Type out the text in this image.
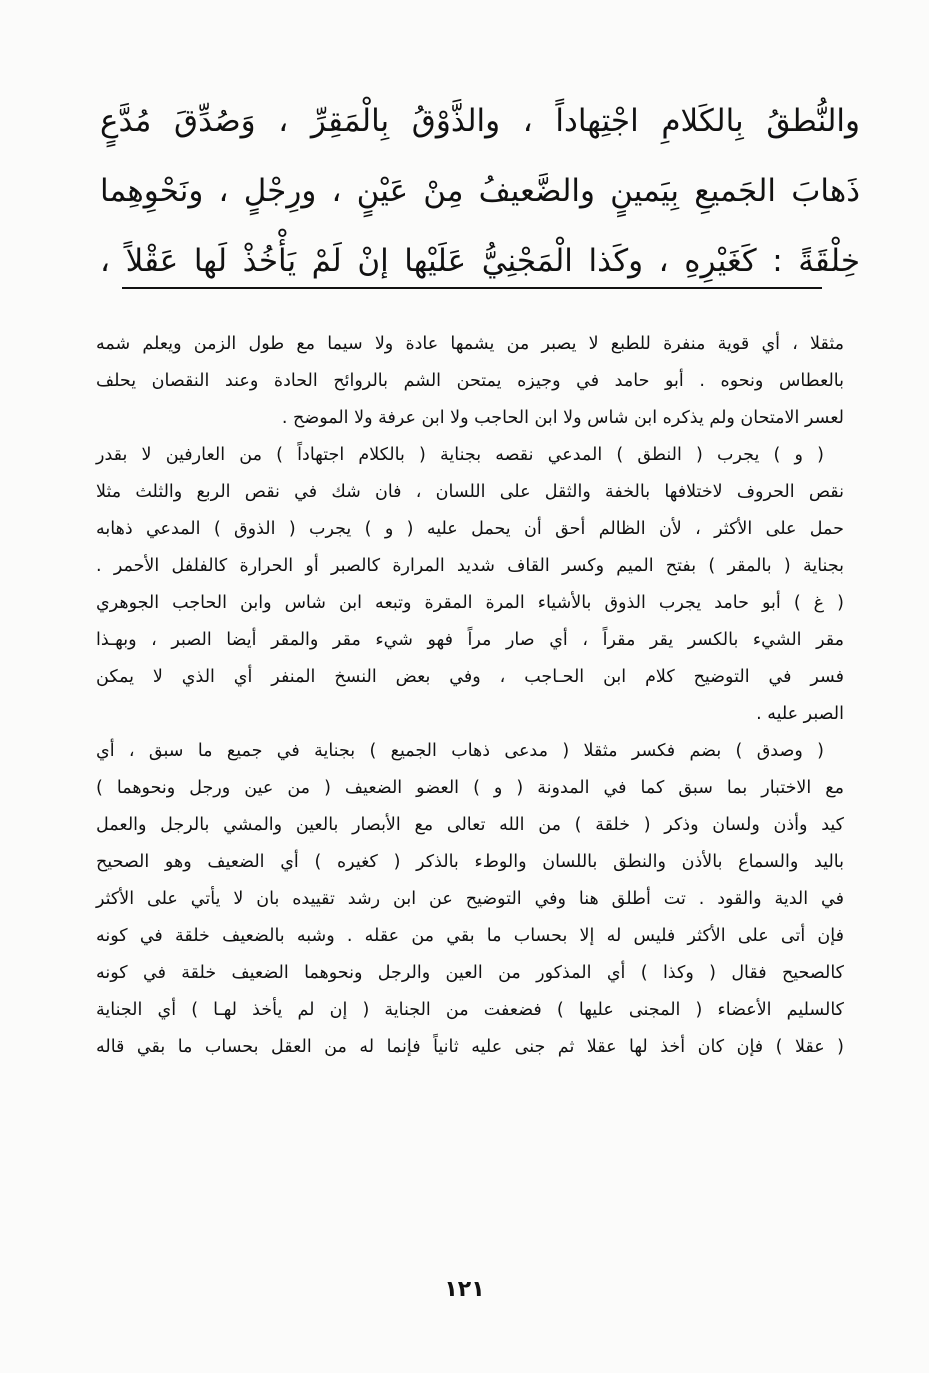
والنُّطقُ بِالكَلامِ اجْتِهاداً ، والذَّوْقُ بِالْمَقِرِّ ، وَصُدِّقَ مُدَّعٍ
ذَهابَ الجَميعِ بِيَمينٍ والضَّعيفُ مِنْ عَيْنٍ ، ورِجْلٍ ، ونَحْوِهِما
خِلْقَةً : كَغَيْرِهِ ، وكَذا الْمَجْنِيُّ عَلَيْها إنْ لَمْ يَأْخُذْ لَها عَقْلاً ،
مثقلا ، أي قوية منفرة للطبع لا يصبر من يشمها عادة ولا سيما مع طول الزمن ويعلم شمه
بالعطاس ونحوه . أبو حامد في وجيزه يمتحن الشم بالروائح الحادة وعند النقصان يحلف
لعسر الامتحان ولم يذكره ابن شاس ولا ابن الحاجب ولا ابن عرفة ولا الموضح .
( و ) يجرب ( النطق ) المدعي نقصه بجناية ( بالكلام اجتهاداً ) من العارفين لا بقدر
نقص الحروف لاختلافها بالخفة والثقل على اللسان ، فان شك في نقص الربع والثلث مثلا
حمل على الأكثر ، لأن الظالم أحق أن يحمل عليه ( و ) يجرب ( الذوق ) المدعي ذهابه
بجناية ( بالمقر ) بفتح الميم وكسر القاف شديد المرارة كالصبر أو الحرارة كالفلفل الأحمر .
( غ ) أبو حامد يجرب الذوق بالأشياء المرة المقرة وتبعه ابن شاس وابن الحاجب الجوهري
مقر الشيء بالكسر يقر مقراً ، أي صار مراً فهو شيء مقر والمقر أيضا الصبر ، وبهـذا
فسر في التوضيح كلام ابن الحـاجب ، وفي بعض النسخ المنفر أي الذي لا يمكن
الصبر عليه .
( وصدق ) بضم فكسر مثقلا ( مدعى ذهاب الجميع ) بجناية في جميع ما سبق ، أي
مع الاختبار بما سبق كما في المدونة ( و ) العضو الضعيف ( من عين ورجل ونحوهما )
كيد وأذن ولسان وذكر ( خلقة ) من الله تعالى مع الأبصار بالعين والمشي بالرجل والعمل
باليد والسماع بالأذن والنطق باللسان والوطء بالذكر ( كغيره ) أي الضعيف وهو الصحيح
في الدية والقود . تت أطلق هنا وفي التوضيح عن ابن رشد تقييده بان لا يأتي على الأكثر
فإن أتى على الأكثر فليس له إلا بحساب ما بقي من عقله . وشبه بالضعيف خلقة في كونه
كالصحيح فقال ( وكذا ) أي المذكور من العين والرجل ونحوهما الضعيف خلقة في كونه
كالسليم الأعضاء ( المجنى عليها ) فضعفت من الجناية ( إن لم يأخذ لهـا ) أي الجناية
( عقلا ) فإن كان أخذ لها عقلا ثم جنى عليه ثانياً فإنما له من العقل بحساب ما بقي قاله
١٢١
